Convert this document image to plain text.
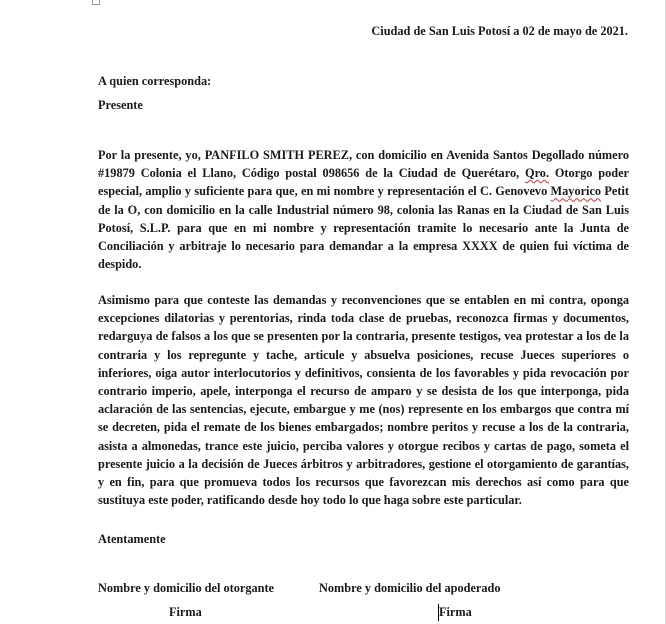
Ciudad de San Luis Potosí a 02 de mayo de 2021.
A quien corresponda:
Presente

Por la presente, yo, PANFILO SMITH PEREZ, con domicilio en Avenida Santos Degollado número #19879 Colonia el Llano, Código postal 098656 de la Ciudad de Querétaro, Qro. Otorgo poder especial, amplio y suficiente para que, en mi nombre y representación el C. Genovevo Mayorico Petit de la O, con domicilio en la calle Industrial número 98, colonia las Ranas en la Ciudad de San Luis Potosí, S.L.P. para que en mi nombre y representación tramite lo necesario ante la Junta de Conciliación y arbitraje lo necesario para demandar a la empresa XXXX de quien fui víctima de despido.

Asimismo para que conteste las demandas y reconvenciones que se entablen en mi contra, oponga excepciones dilatorias y perentorias, rinda toda clase de pruebas, reconozca firmas y documentos, redarguya de falsos a los que se presenten por la contraria, presente testigos, vea protestar a los de la contraria y los repregunte y tache, articule y absuelva posiciones, recuse Jueces superiores o inferiores, oiga autor interlocutorios y definitivos, consienta de los favorables y pida revocación por contrario imperio, apele, interponga el recurso de amparo y se desista de los que interponga, pida aclaración de las sentencias, ejecute, embargue y me (nos) represente en los embargos que contra mí se decreten, pida el remate de los bienes embargados; nombre peritos y recuse a los de la contraria, asista a almonedas, trance este juicio, perciba valores y otorgue recibos y cartas de pago, someta el presente juicio a la decisión de Jueces árbitros y arbitradores, gestione el otorgamiento de garantías, y en fin, para que promueva todos los recursos que favorezcan mis derechos así como para que sustituya este poder, ratificando desde hoy todo lo que haga sobre este particular.

Atentamente
Nombre y domicilio del otorgante	Nombre y domicilio del apoderado
Firma	Firma
